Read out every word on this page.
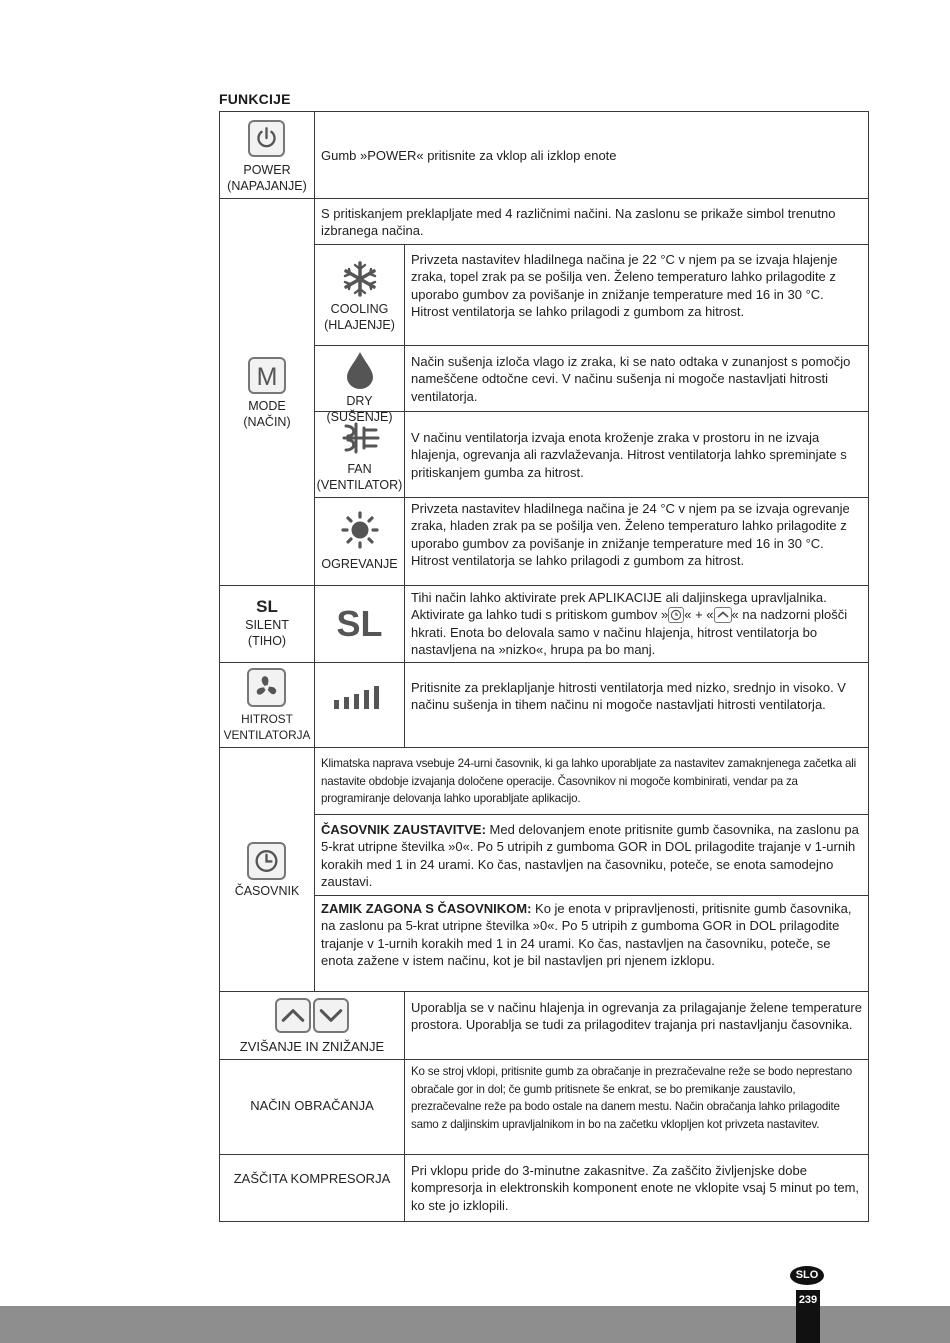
FUNKCIJE
POWER
(NAPAJANJE)
Gumb »POWER« pritisnite za vklop ali izklop enote
M
MODE
(NAČIN)
S pritiskanjem preklapljate med 4 različnimi načini. Na zaslonu se prikaže simbol trenutno izbranega načina.
COOLING
(HLAJENJE)
Privzeta nastavitev hladilnega načina je 22 °C v njem pa se izvaja hlajenje zraka, topel zrak pa se pošilja ven. Želeno temperaturo lahko prilagodite z uporabo gumbov za povišanje in znižanje temperature med 16 in 30 °C. Hitrost ventilatorja se lahko prilagodi z gumbom za hitrost.
DRY (SUŠENJE)
Način sušenja izloča vlago iz zraka, ki se nato odtaka v zunanjost s pomočjo nameščene odtočne cevi. V načinu sušenja ni mogoče nastavljati hitrosti ventilatorja.
FAN
(VENTILATOR)
V načinu ventilatorja izvaja enota kroženje zraka v prostoru in ne izvaja hlajenja, ogrevanja ali razvlaževanja. Hitrost ventilatorja lahko spreminjate s pritiskanjem gumba za hitrost.
OGREVANJE
Privzeta nastavitev hladilnega načina je 24 °C v njem pa se izvaja ogrevanje zraka, hladen zrak pa se pošilja ven. Želeno temperaturo lahko prilagodite z uporabo gumbov za povišanje in znižanje temperature med 16 in 30 °C. Hitrost ventilatorja se lahko prilagodi z gumbom za hitrost.
SL
SILENT
(TIHO)	SL
Tihi način lahko aktivirate prek APLIKACIJE ali daljinskega upravljalnika. Aktivirate ga lahko tudi s pritiskom gumbov » « + « « na nadzorni plošči hkrati. Enota bo delovala samo v načinu hlajenja, hitrost ventilatorja bo nastavljena na »nizko«, hrupa pa bo manj.
HITROST
VENTILATORJA
Pritisnite za preklapljanje hitrosti ventilatorja med nizko, srednjo in visoko. V načinu sušenja in tihem načinu ni mogoče nastavljati hitrosti ventilatorja.
ČASOVNIK
Klimatska naprava vsebuje 24-urni časovnik, ki ga lahko uporabljate za nastavitev zamaknjenega začetka ali nastavite obdobje izvajanja določene operacije. Časovnikov ni mogoče kombinirati, vendar pa za programiranje delovanja lahko uporabljate aplikacijo.
ČASOVNIK ZAUSTAVITVE: Med delovanjem enote pritisnite gumb časovnika, na zaslonu pa 5-krat utripne številka »0«. Po 5 utripih z gumboma GOR in DOL prilagodite trajanje v 1-urnih korakih med 1 in 24 urami. Ko čas, nastavljen na časovniku, poteče, se enota samodejno zaustavi.
ZAMIK ZAGONA S ČASOVNIKOM: Ko je enota v pripravljenosti, pritisnite gumb časovnika, na zaslonu pa 5-krat utripne številka »0«. Po 5 utripih z gumboma GOR in DOL prilagodite trajanje v 1-urnih korakih med 1 in 24 urami. Ko čas, nastavljen na časovniku, poteče, se enota zažene v istem načinu, kot je bil nastavljen pri njenem izklopu.
ZVIŠANJE IN ZNIŽANJE
Uporablja se v načinu hlajenja in ogrevanja za prilagajanje želene temperature prostora. Uporablja se tudi za prilagoditev trajanja pri nastavljanju časovnika.
NAČIN OBRAČANJA
Ko se stroj vklopi, pritisnite gumb za obračanje in prezračevalne reže se bodo neprestano obračale gor in dol; če gumb pritisnete še enkrat, se bo premikanje zaustavilo, prezračevalne reže pa bodo ostale na danem mestu. Način obračanja lahko prilagodite samo z daljinskim upravljalnikom in bo na začetku vklopljen kot privzeta nastavitev.
ZAŠČITA KOMPRESORJA
Pri vklopu pride do 3-minutne zakasnitve. Za zaščito življenjske dobe kompresorja in elektronskih komponent enote ne vklopite vsaj 5 minut po tem, ko ste jo izklopili.
SLO
239
